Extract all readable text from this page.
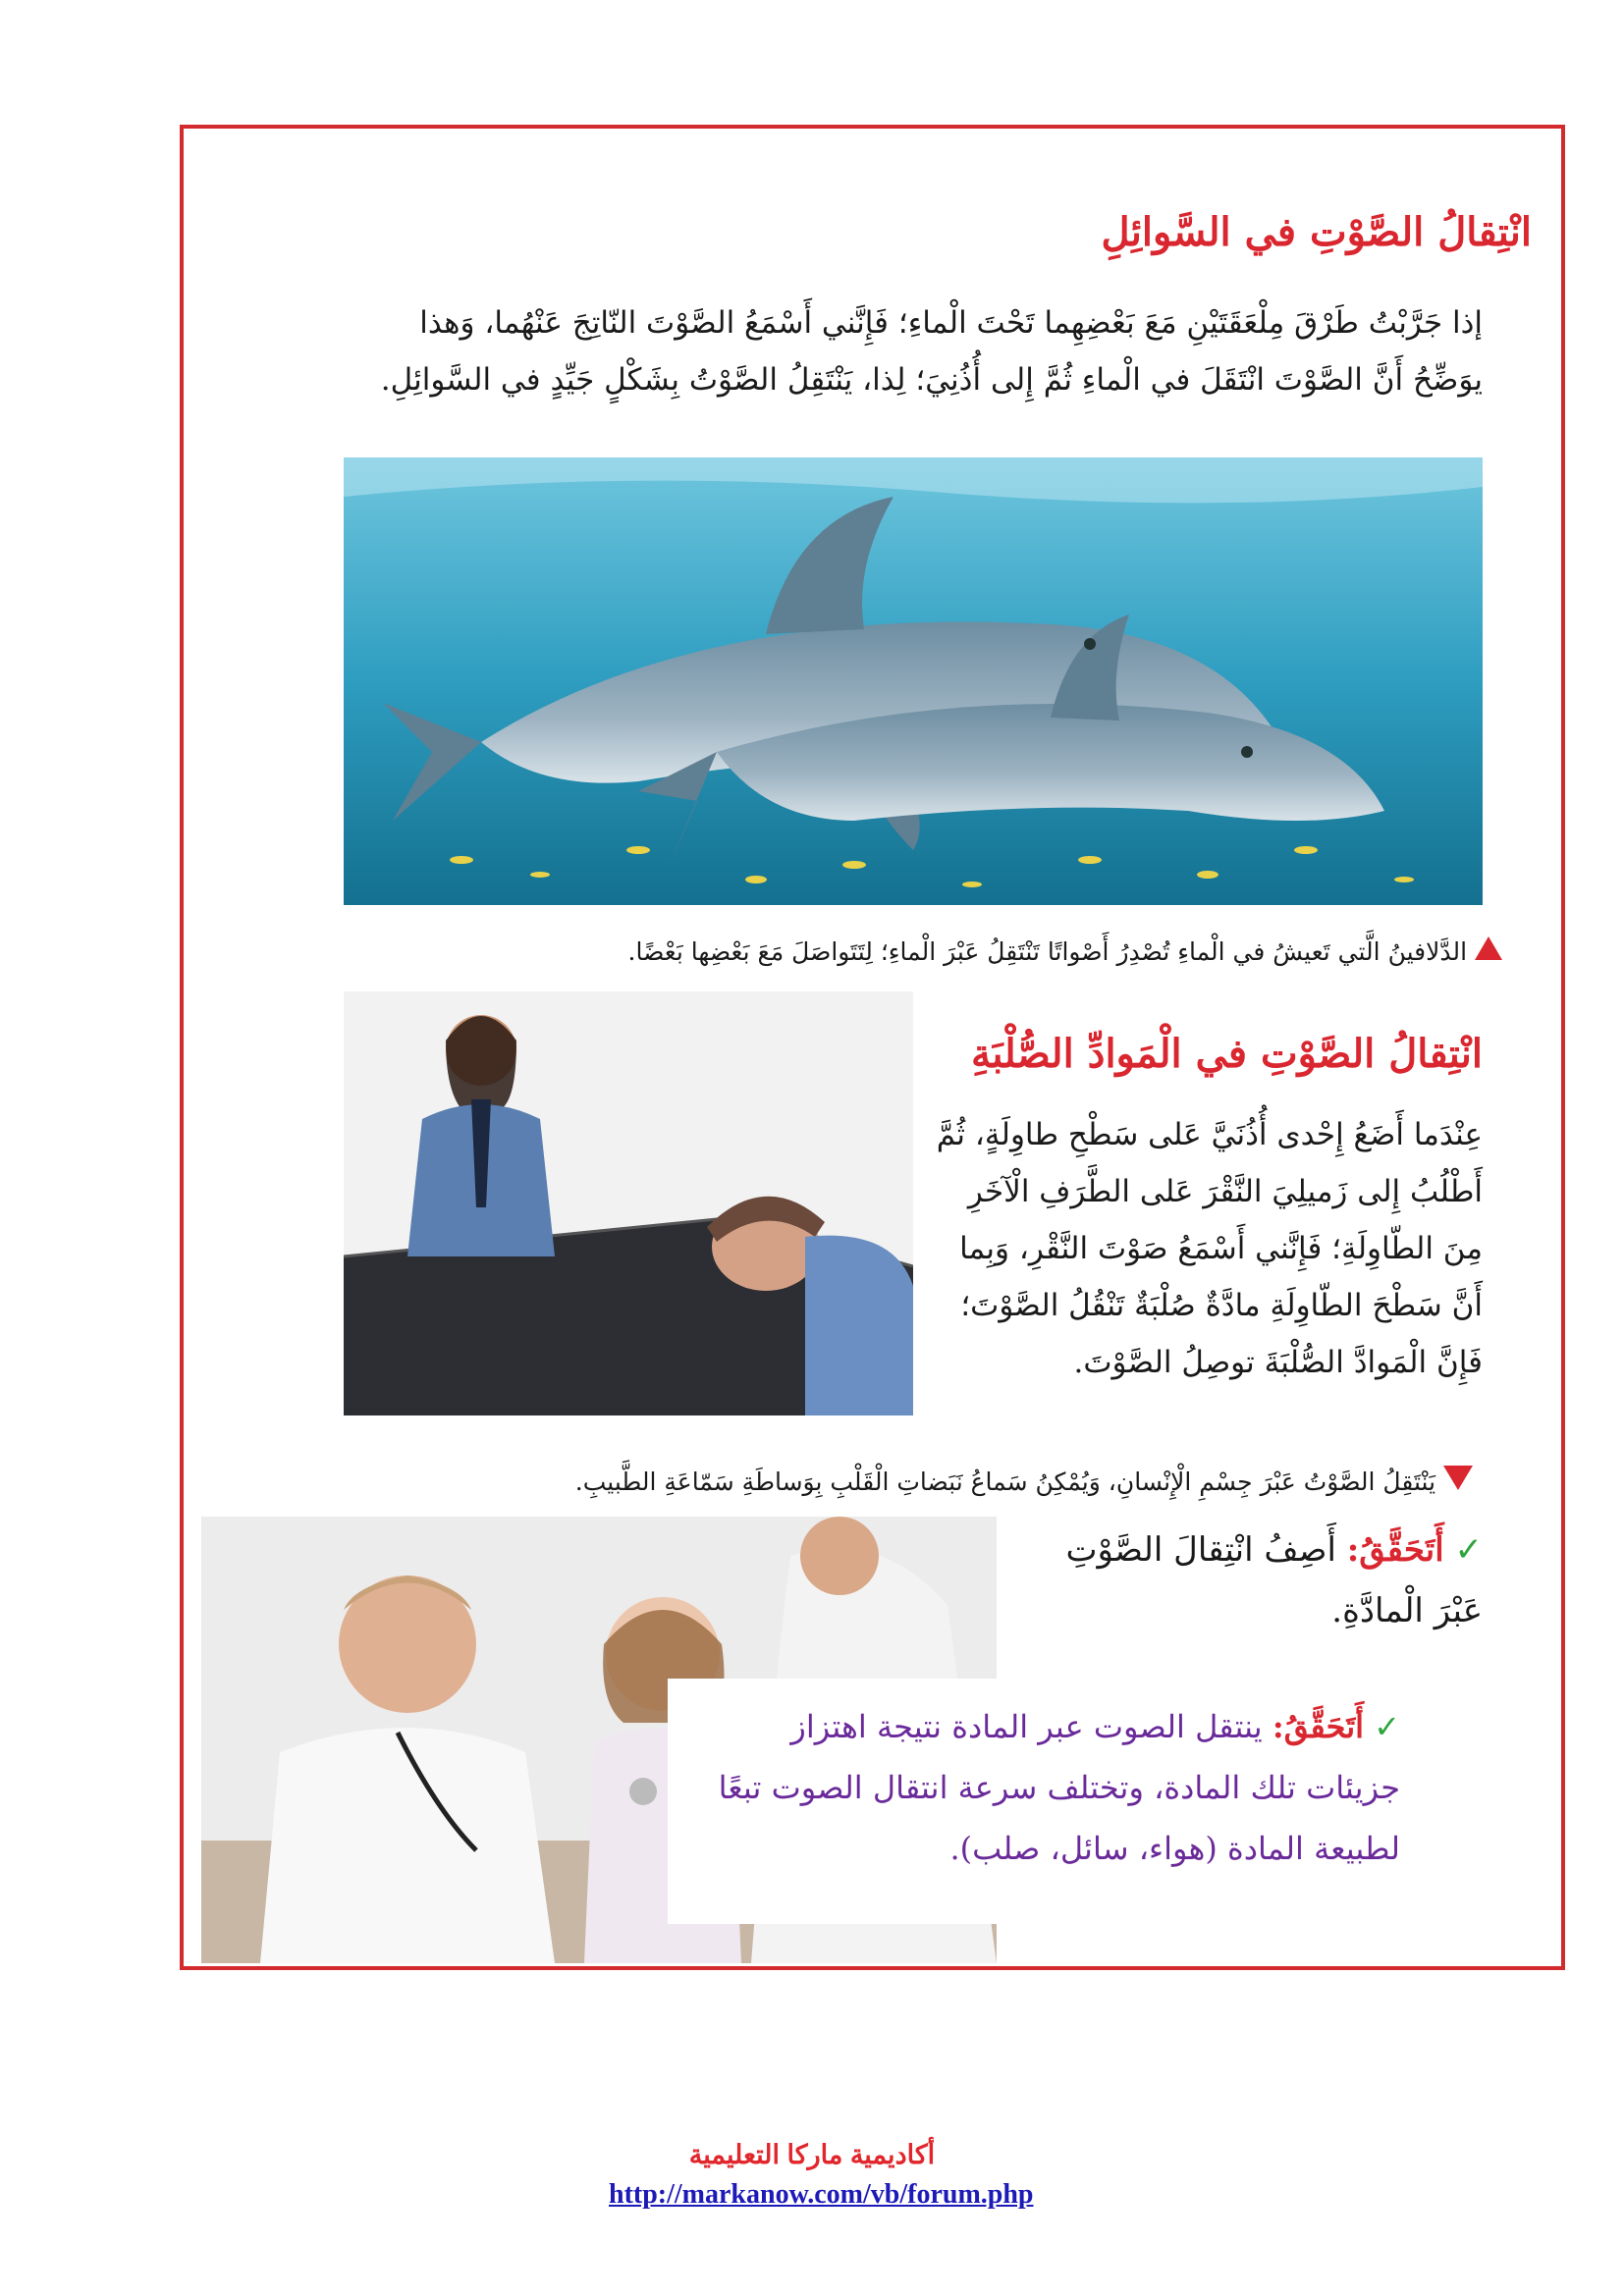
انْتِقالُ الصَّوْتِ في السَّوائِلِ
إذا جَرَّبْتُ طَرْقَ مِلْعَقَتَيْنِ مَعَ بَعْضِهِما تَحْتَ الْماءِ؛ فَإِنَّني أَسْمَعُ الصَّوْتَ النّاتِجَ عَنْهُما، وَهذا يوَضِّحُ أَنَّ الصَّوْتَ انْتَقَلَ في الْماءِ ثُمَّ إِلى أُذُنِيَ؛ لِذا، يَنْتَقِلُ الصَّوْتُ بِشَكْلٍ جَيِّدٍ في السَّوائِلِ.
الدَّلافينُ الَّتي تَعيشُ في الْماءِ تُصْدِرُ أَصْواتًا تَنْتَقِلُ عَبْرَ الْماءِ؛ لِتَتَواصَلَ مَعَ بَعْضِها بَعْضًا.
انْتِقالُ الصَّوْتِ في الْمَوادِّ الصُّلْبَةِ
عِنْدَما أَضَعُ إِحْدى أُذُنَيَّ عَلى سَطْحِ طاوِلَةٍ، ثُمَّ أَطْلُبُ إِلى زَميلِيَ النَّقْرَ عَلى الطَّرَفِ الْآخَرِ مِنَ الطّاوِلَةِ؛ فَإِنَّني أَسْمَعُ صَوْتَ النَّقْرِ، وَبِما أَنَّ سَطْحَ الطّاوِلَةِ مادَّةٌ صُلْبَةٌ تَنْقُلُ الصَّوْتَ؛ فَإِنَّ الْمَوادَّ الصُّلْبَةَ توصِلُ الصَّوْتَ.
يَنْتَقِلُ الصَّوْتُ عَبْرَ جِسْمِ الْإِنْسانِ، وَيُمْكِنُ سَماعُ نَبَضاتِ الْقَلْبِ بِوَساطَةِ سَمّاعَةِ الطَّبيبِ.
✓ أَتَحَقَّقُ: أَصِفُ انْتِقالَ الصَّوْتِ عَبْرَ الْمادَّةِ.
✓ أَتَحَقَّقُ: ينتقل الصوت عبر المادة نتيجة اهتزاز جزيئات تلك المادة، وتختلف سرعة انتقال الصوت تبعًا لطبيعة المادة (هواء، سائل، صلب).
أكاديمية ماركا التعليمية
http://markanow.com/vb/forum.php
